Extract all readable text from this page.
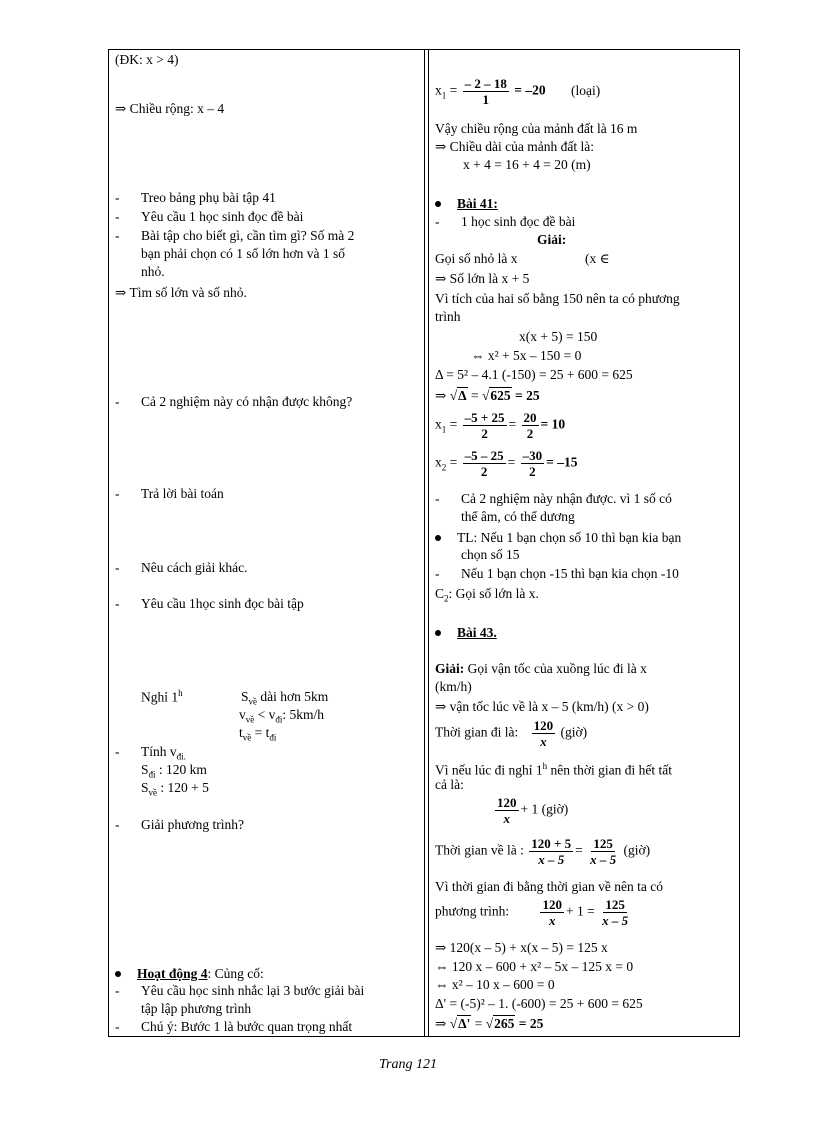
(ĐK: x > 4)
⇒ Chiều rộng: x – 4
- Treo bảng phụ bài tập 41
- Yêu cầu 1 học sinh đọc đề bài
- Bài tập cho biết gì, cần tìm gì? Số mà 2
bạn phải chọn có 1 số lớn hơn và 1 số
nhỏ.
⇒ Tìm số lớn và số nhỏ.
- Cả 2 nghiệm này có nhận được không?
- Trả lời bài toán
- Nêu cách giải khác.
- Yêu cầu 1học sinh đọc bài tập
Nghỉ 1$^h$	$S_{về}$ dài hơn 5km
$v_{về} < v_{đi}$: 5km/h
$t_{về} = t_{đi}$
- Tính $v_{đi.}$
$S_{đi}$ : 120 km
$S_{về}$ : 120 + 5
- Giải phương trình?
Hoạt động 4: Củng cố:
- Yêu cầu học sinh nhắc lại 3 bước giải bài
tập lập phương trình
- Chú ý: Bước 1 là bước quan trọng nhất
$x_1 = \frac{- 2 - 18}{1} = -20$ (loại)
Vậy chiều rộng của mảnh đất là 16 m
⇒ Chiều dài của mảnh đất là:
x + 4 = 16 + 4 = 20 (m)
Bài 41:
- 1 học sinh đọc đề bài
Giải:
Gọi số nhỏ là x	(x ∈
⇒ Số lớn là x + 5
Vì tích của hai số bằng 150 nên ta có phương
trình
x(x + 5) = 150
⇔ x² + 5x – 150 = 0
Δ = 5² – 4.1 (-150) = 25 + 600 = 625
⇒ √Δ = √625 = 25
$x_1 = \frac{-5 + 25}{2} = \frac{20}{2} = 10$
$x_2 = \frac{-5 - 25}{2} = \frac{-30}{2} = -15$
- Cả 2 nghiệm này nhận được. vì 1 số có
thể âm, có thể dương
TL: Nếu 1 bạn chọn số 10 thì bạn kia bạn
chọn số 15
- Nếu 1 bạn chọn -15 thì bạn kia chọn -10
$C_2$: Gọi số lớn là x.
Bài 43.
Giải: Gọi vận tốc của xuồng lúc đi là x
(km/h)
⇒ vận tốc lúc về là x – 5 (km/h) (x > 0)
Thời gian đi là: $\frac{120}{x}$ (giờ)
Vì nếu lúc đi nghỉ 1$^h$ nên thời gian đi hết tất
cả là:
$\frac{120}{x} + 1$ (giờ)
Thời gian về là : $\frac{120 + 5}{x - 5} = \frac{125}{x - 5}$ (giờ)
Vì thời gian đi bằng thời gian về nên ta có
phương trình: $\frac{120}{x} + 1 = \frac{125}{x - 5}$
⇒ 120(x – 5) + x(x – 5) = 125 x
⇔ 120 x – 600 + x² – 5x – 125 x = 0
⇔ x² – 10 x – 600 = 0
Δ' = (-5)² – 1. (-600) = 25 + 600 = 625
⇒ √Δ' = √265 = 25
Trang 121
